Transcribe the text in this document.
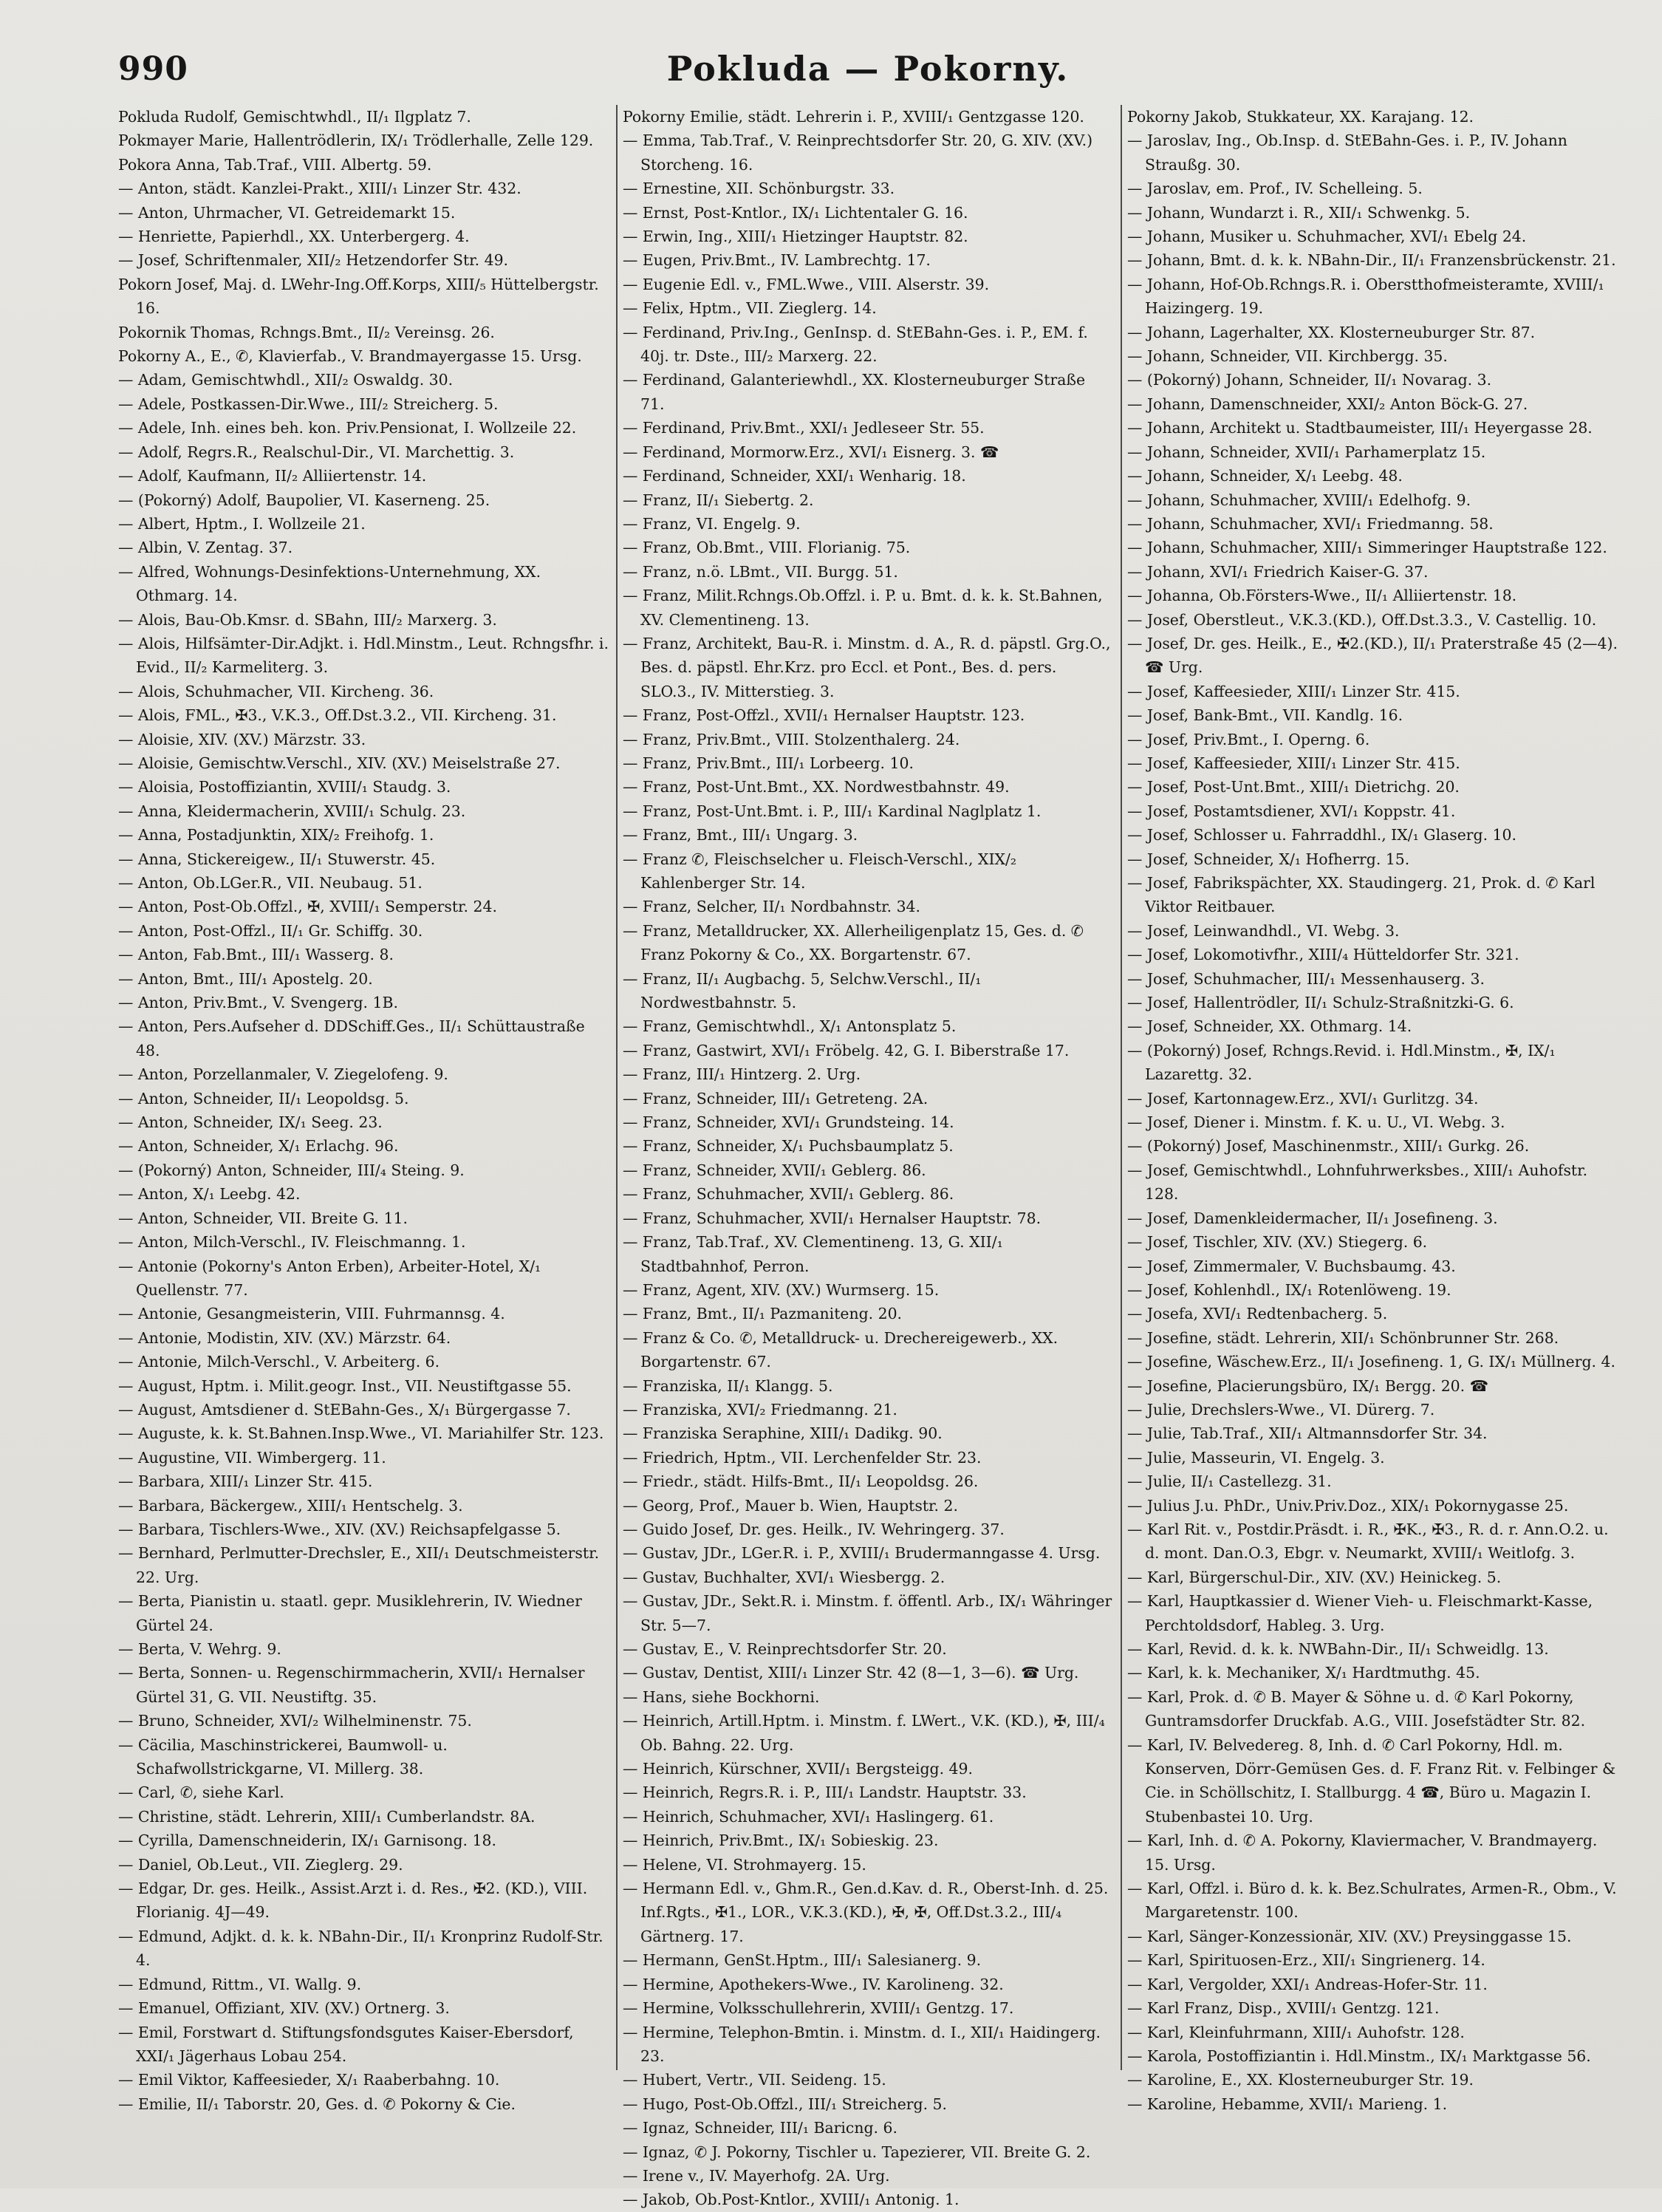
990	Pokluda — Pokorny.
Pokluda Rudolf, Gemischtwhdl., II/₁ Ilgplatz 7.
Pokmayer Marie, Hallentrödlerin, IX/₁ Trödlerhalle, Zelle 129.
Pokora Anna, Tab.Traf., VIII. Albertg. 59.
— Anton, städt. Kanzlei-Prakt., XIII/₁ Linzer Str. 432.
— Anton, Uhrmacher, VI. Getreidemarkt 15.
— Henriette, Papierhdl., XX. Unterbergerg. 4.
— Josef, Schriftenmaler, XII/₂ Hetzendorfer Str. 49.
Pokorn Josef, Maj. d. LWehr-Ing.Off.Korps, XIII/₅ Hüttelbergstr. 16.
Pokornik Thomas, Rchngs.Bmt., II/₂ Vereinsg. 26.
Pokorny A., E., ✆, Klavierfab., V. Brandmayergasse 15. Ursg.
— Adam, Gemischtwhdl., XII/₂ Oswaldg. 30.
— Adele, Postkassen-Dir.Wwe., III/₂ Streicherg. 5.
— Adele, Inh. eines beh. kon. Priv.Pensionat, I. Wollzeile 22.
— Adolf, Regrs.R., Realschul-Dir., VI. Marchettig. 3.
— Adolf, Kaufmann, II/₂ Alliiertenstr. 14.
— (Pokorný) Adolf, Baupolier, VI. Kaserneng. 25.
— Albert, Hptm., I. Wollzeile 21.
— Albin, V. Zentag. 37.
— Alfred, Wohnungs-Desinfektions-Unternehmung, XX. Othmarg. 14.
— Alois, Bau-Ob.Kmsr. d. SBahn, III/₂ Marxerg. 3.
— Alois, Hilfsämter-Dir.Adjkt. i. Hdl.Minstm., Leut. Rchngsfhr. i. Evid., II/₂ Karmeliterg. 3.
— Alois, Schuhmacher, VII. Kircheng. 36.
— Alois, FML., ✠3., V.K.3., Off.Dst.3.2., VII. Kircheng. 31.
— Aloisie, XIV. (XV.) Märzstr. 33.
— Aloisie, Gemischtw.Verschl., XIV. (XV.) Meiselstraße 27.
— Aloisia, Postoffiziantin, XVIII/₁ Staudg. 3.
— Anna, Kleidermacherin, XVIII/₁ Schulg. 23.
— Anna, Postadjunktin, XIX/₂ Freihofg. 1.
— Anna, Stickereigew., II/₁ Stuwerstr. 45.
— Anton, Ob.LGer.R., VII. Neubaug. 51.
— Anton, Post-Ob.Offzl., ✠, XVIII/₁ Semperstr. 24.
— Anton, Post-Offzl., II/₁ Gr. Schiffg. 30.
— Anton, Fab.Bmt., III/₁ Wasserg. 8.
— Anton, Bmt., III/₁ Apostelg. 20.
— Anton, Priv.Bmt., V. Svengerg. 1B.
— Anton, Pers.Aufseher d. DDSchiff.Ges., II/₁ Schüttaustraße 48.
— Anton, Porzellanmaler, V. Ziegelofeng. 9.
— Anton, Schneider, II/₁ Leopoldsg. 5.
— Anton, Schneider, IX/₁ Seeg. 23.
— Anton, Schneider, X/₁ Erlachg. 96.
— (Pokorný) Anton, Schneider, III/₄ Steing. 9.
— Anton, X/₁ Leebg. 42.
— Anton, Schneider, VII. Breite G. 11.
— Anton, Milch-Verschl., IV. Fleischmanng. 1.
— Antonie (Pokorny's Anton Erben), Arbeiter-Hotel, X/₁ Quellenstr. 77.
— Antonie, Gesangmeisterin, VIII. Fuhrmannsg. 4.
— Antonie, Modistin, XIV. (XV.) Märzstr. 64.
— Antonie, Milch-Verschl., V. Arbeiterg. 6.
— August, Hptm. i. Milit.geogr. Inst., VII. Neustiftgasse 55.
— August, Amtsdiener d. StEBahn-Ges., X/₁ Bürgergasse 7.
— Auguste, k. k. St.Bahnen.Insp.Wwe., VI. Mariahilfer Str. 123.
— Augustine, VII. Wimbergerg. 11.
— Barbara, XIII/₁ Linzer Str. 415.
— Barbara, Bäckergew., XIII/₁ Hentschelg. 3.
— Barbara, Tischlers-Wwe., XIV. (XV.) Reichsapfelgasse 5.
— Bernhard, Perlmutter-Drechsler, E., XII/₁ Deutschmeisterstr. 22. Urg.
— Berta, Pianistin u. staatl. gepr. Musiklehrerin, IV. Wiedner Gürtel 24.
— Berta, V. Wehrg. 9.
— Berta, Sonnen- u. Regenschirmmacherin, XVII/₁ Hernalser Gürtel 31, G. VII. Neustiftg. 35.
— Bruno, Schneider, XVI/₂ Wilhelminenstr. 75.
— Cäcilia, Maschinstrickerei, Baumwoll- u. Schafwollstrickgarne, VI. Millerg. 38.
— Carl, ✆, siehe Karl.
— Christine, städt. Lehrerin, XIII/₁ Cumberlandstr. 8A.
— Cyrilla, Damenschneiderin, IX/₁ Garnisong. 18.
— Daniel, Ob.Leut., VII. Zieglerg. 29.
— Edgar, Dr. ges. Heilk., Assist.Arzt i. d. Res., ✠2. (KD.), VIII. Florianig. 4J—49.
— Edmund, Adjkt. d. k. k. NBahn-Dir., II/₁ Kronprinz Rudolf-Str. 4.
— Edmund, Rittm., VI. Wallg. 9.
— Emanuel, Offiziant, XIV. (XV.) Ortnerg. 3.
— Emil, Forstwart d. Stiftungsfondsgutes Kaiser-Ebersdorf, XXI/₁ Jägerhaus Lobau 254.
— Emil Viktor, Kaffeesieder, X/₁ Raaberbahng. 10.
— Emilie, II/₁ Taborstr. 20, Ges. d. ✆ Pokorny & Cie.
Pokorny Emilie, städt. Lehrerin i. P., XVIII/₁ Gentzgasse 120.
— Emma, Tab.Traf., V. Reinprechtsdorfer Str. 20, G. XIV. (XV.) Storcheng. 16.
— Ernestine, XII. Schönburgstr. 33.
— Ernst, Post-Kntlor., IX/₁ Lichtentaler G. 16.
— Erwin, Ing., XIII/₁ Hietzinger Hauptstr. 82.
— Eugen, Priv.Bmt., IV. Lambrechtg. 17.
— Eugenie Edl. v., FML.Wwe., VIII. Alserstr. 39.
— Felix, Hptm., VII. Zieglerg. 14.
— Ferdinand, Priv.Ing., GenInsp. d. StEBahn-Ges. i. P., EM. f. 40j. tr. Dste., III/₂ Marxerg. 22.
— Ferdinand, Galanteriewhdl., XX. Klosterneuburger Straße 71.
— Ferdinand, Priv.Bmt., XXI/₁ Jedleseer Str. 55.
— Ferdinand, Mormorw.Erz., XVI/₁ Eisnerg. 3. ☎
— Ferdinand, Schneider, XXI/₁ Wenharig. 18.
— Franz, II/₁ Siebertg. 2.
— Franz, VI. Engelg. 9.
— Franz, Ob.Bmt., VIII. Florianig. 75.
— Franz, n.ö. LBmt., VII. Burgg. 51.
— Franz, Milit.Rchngs.Ob.Offzl. i. P. u. Bmt. d. k. k. St.Bahnen, XV. Clementineng. 13.
— Franz, Architekt, Bau-R. i. Minstm. d. A., R. d. päpstl. Grg.O., Bes. d. päpstl. Ehr.Krz. pro Eccl. et Pont., Bes. d. pers. SLO.3., IV. Mitterstieg. 3.
— Franz, Post-Offzl., XVII/₁ Hernalser Hauptstr. 123.
— Franz, Priv.Bmt., VIII. Stolzenthalerg. 24.
— Franz, Priv.Bmt., III/₁ Lorbeerg. 10.
— Franz, Post-Unt.Bmt., XX. Nordwestbahnstr. 49.
— Franz, Post-Unt.Bmt. i. P., III/₁ Kardinal Naglplatz 1.
— Franz, Bmt., III/₁ Ungarg. 3.
— Franz ✆, Fleischselcher u. Fleisch-Verschl., XIX/₂ Kahlenberger Str. 14.
— Franz, Selcher, II/₁ Nordbahnstr. 34.
— Franz, Metalldrucker, XX. Allerheiligenplatz 15, Ges. d. ✆ Franz Pokorny & Co., XX. Borgartenstr. 67.
— Franz, II/₁ Augbachg. 5, Selchw.Verschl., II/₁ Nordwestbahnstr. 5.
— Franz, Gemischtwhdl., X/₁ Antonsplatz 5.
— Franz, Gastwirt, XVI/₁ Fröbelg. 42, G. I. Biberstraße 17.
— Franz, III/₁ Hintzerg. 2. Urg.
— Franz, Schneider, III/₁ Getreteng. 2A.
— Franz, Schneider, XVI/₁ Grundsteing. 14.
— Franz, Schneider, X/₁ Puchsbaumplatz 5.
— Franz, Schneider, XVII/₁ Geblerg. 86.
— Franz, Schuhmacher, XVII/₁ Geblerg. 86.
— Franz, Schuhmacher, XVII/₁ Hernalser Hauptstr. 78.
— Franz, Tab.Traf., XV. Clementineng. 13, G. XII/₁ Stadtbahnhof, Perron.
— Franz, Agent, XIV. (XV.) Wurmserg. 15.
— Franz, Bmt., II/₁ Pazmaniteng. 20.
— Franz & Co. ✆, Metalldruck- u. Drechereigewerb., XX. Borgartenstr. 67.
— Franziska, II/₁ Klangg. 5.
— Franziska, XVI/₂ Friedmanng. 21.
— Franziska Seraphine, XIII/₁ Dadikg. 90.
— Friedrich, Hptm., VII. Lerchenfelder Str. 23.
— Friedr., städt. Hilfs-Bmt., II/₁ Leopoldsg. 26.
— Georg, Prof., Mauer b. Wien, Hauptstr. 2.
— Guido Josef, Dr. ges. Heilk., IV. Wehringerg. 37.
— Gustav, JDr., LGer.R. i. P., XVIII/₁ Brudermanngasse 4. Ursg.
— Gustav, Buchhalter, XVI/₁ Wiesbergg. 2.
— Gustav, JDr., Sekt.R. i. Minstm. f. öffentl. Arb., IX/₁ Währinger Str. 5—7.
— Gustav, E., V. Reinprechtsdorfer Str. 20.
— Gustav, Dentist, XIII/₁ Linzer Str. 42 (8—1, 3—6). ☎ Urg.
— Hans, siehe Bockhorni.
— Heinrich, Artill.Hptm. i. Minstm. f. LWert., V.K. (KD.), ✠, III/₄ Ob. Bahng. 22. Urg.
— Heinrich, Kürschner, XVII/₁ Bergsteigg. 49.
— Heinrich, Regrs.R. i. P., III/₁ Landstr. Hauptstr. 33.
— Heinrich, Schuhmacher, XVI/₁ Haslingerg. 61.
— Heinrich, Priv.Bmt., IX/₁ Sobieskig. 23.
— Helene, VI. Strohmayerg. 15.
— Hermann Edl. v., Ghm.R., Gen.d.Kav. d. R., Oberst-Inh. d. 25. Inf.Rgts., ✠1., LOR., V.K.3.(KD.), ✠, ✠, Off.Dst.3.2., III/₄ Gärtnerg. 17.
— Hermann, GenSt.Hptm., III/₁ Salesianerg. 9.
— Hermine, Apothekers-Wwe., IV. Karolineng. 32.
— Hermine, Volksschullehrerin, XVIII/₁ Gentzg. 17.
— Hermine, Telephon-Bmtin. i. Minstm. d. I., XII/₁ Haidingerg. 23.
— Hubert, Vertr., VII. Seideng. 15.
— Hugo, Post-Ob.Offzl., III/₁ Streicherg. 5.
— Ignaz, Schneider, III/₁ Baricng. 6.
— Ignaz, ✆ J. Pokorny, Tischler u. Tapezierer, VII. Breite G. 2.
— Irene v., IV. Mayerhofg. 2A. Urg.
— Jakob, Ob.Post-Kntlor., XVIII/₁ Antonig. 1.
Pokorny Jakob, Stukkateur, XX. Karajang. 12.
— Jaroslav, Ing., Ob.Insp. d. StEBahn-Ges. i. P., IV. Johann Straußg. 30.
— Jaroslav, em. Prof., IV. Schelleing. 5.
— Johann, Wundarzt i. R., XII/₁ Schwenkg. 5.
— Johann, Musiker u. Schuhmacher, XVI/₁ Ebelg 24.
— Johann, Bmt. d. k. k. NBahn-Dir., II/₁ Franzensbrückenstr. 21.
— Johann, Hof-Ob.Rchngs.R. i. Oberstthofmeisteramte, XVIII/₁ Haizingerg. 19.
— Johann, Lagerhalter, XX. Klosterneuburger Str. 87.
— Johann, Schneider, VII. Kirchbergg. 35.
— (Pokorný) Johann, Schneider, II/₁ Novarag. 3.
— Johann, Damenschneider, XXI/₂ Anton Böck-G. 27.
— Johann, Architekt u. Stadtbaumeister, III/₁ Heyergasse 28.
— Johann, Schneider, XVII/₁ Parhamerplatz 15.
— Johann, Schneider, X/₁ Leebg. 48.
— Johann, Schuhmacher, XVIII/₁ Edelhofg. 9.
— Johann, Schuhmacher, XVI/₁ Friedmanng. 58.
— Johann, Schuhmacher, XIII/₁ Simmeringer Hauptstraße 122.
— Johann, XVI/₁ Friedrich Kaiser-G. 37.
— Johanna, Ob.Försters-Wwe., II/₁ Alliiertenstr. 18.
— Josef, Oberstleut., V.K.3.(KD.), Off.Dst.3.3., V. Castellig. 10.
— Josef, Dr. ges. Heilk., E., ✠2.(KD.), II/₁ Praterstraße 45 (2—4). ☎ Urg.
— Josef, Kaffeesieder, XIII/₁ Linzer Str. 415.
— Josef, Bank-Bmt., VII. Kandlg. 16.
— Josef, Priv.Bmt., I. Operng. 6.
— Josef, Kaffeesieder, XIII/₁ Linzer Str. 415.
— Josef, Post-Unt.Bmt., XIII/₁ Dietrichg. 20.
— Josef, Postamtsdiener, XVI/₁ Koppstr. 41.
— Josef, Schlosser u. Fahrraddhl., IX/₁ Glaserg. 10.
— Josef, Schneider, X/₁ Hofherrg. 15.
— Josef, Fabrikspächter, XX. Staudingerg. 21, Prok. d. ✆ Karl Viktor Reitbauer.
— Josef, Leinwandhdl., VI. Webg. 3.
— Josef, Lokomotivfhr., XIII/₄ Hütteldorfer Str. 321.
— Josef, Schuhmacher, III/₁ Messenhauserg. 3.
— Josef, Hallentrödler, II/₁ Schulz-Straßnitzki-G. 6.
— Josef, Schneider, XX. Othmarg. 14.
— (Pokorný) Josef, Rchngs.Revid. i. Hdl.Minstm., ✠, IX/₁ Lazarettg. 32.
— Josef, Kartonnagew.Erz., XVI/₁ Gurlitzg. 34.
— Josef, Diener i. Minstm. f. K. u. U., VI. Webg. 3.
— (Pokorný) Josef, Maschinenmstr., XIII/₁ Gurkg. 26.
— Josef, Gemischtwhdl., Lohnfuhrwerksbes., XIII/₁ Auhofstr. 128.
— Josef, Damenkleidermacher, II/₁ Josefineng. 3.
— Josef, Tischler, XIV. (XV.) Stiegerg. 6.
— Josef, Zimmermaler, V. Buchsbaumg. 43.
— Josef, Kohlenhdl., IX/₁ Rotenlöweng. 19.
— Josefa, XVI/₁ Redtenbacherg. 5.
— Josefine, städt. Lehrerin, XII/₁ Schönbrunner Str. 268.
— Josefine, Wäschew.Erz., II/₁ Josefineng. 1, G. IX/₁ Müllnerg. 4.
— Josefine, Placierungsbüro, IX/₁ Bergg. 20. ☎
— Julie, Drechslers-Wwe., VI. Dürerg. 7.
— Julie, Tab.Traf., XII/₁ Altmannsdorfer Str. 34.
— Julie, Masseurin, VI. Engelg. 3.
— Julie, II/₁ Castellezg. 31.
— Julius J.u. PhDr., Univ.Priv.Doz., XIX/₁ Pokornygasse 25.
— Karl Rit. v., Postdir.Präsdt. i. R., ✠K., ✠3., R. d. r. Ann.O.2. u. d. mont. Dan.O.3, Ebgr. v. Neumarkt, XVIII/₁ Weitlofg. 3.
— Karl, Bürgerschul-Dir., XIV. (XV.) Heinickeg. 5.
— Karl, Hauptkassier d. Wiener Vieh- u. Fleischmarkt-Kasse, Perchtoldsdorf, Hableg. 3. Urg.
— Karl, Revid. d. k. k. NWBahn-Dir., II/₁ Schweidlg. 13.
— Karl, k. k. Mechaniker, X/₁ Hardtmuthg. 45.
— Karl, Prok. d. ✆ B. Mayer & Söhne u. d. ✆ Karl Pokorny, Guntramsdorfer Druckfab. A.G., VIII. Josefstädter Str. 82.
— Karl, IV. Belvedereg. 8, Inh. d. ✆ Carl Pokorny, Hdl. m. Konserven, Dörr-Gemüsen Ges. d. F. Franz Rit. v. Felbinger & Cie. in Schöllschitz, I. Stallburgg. 4 ☎, Büro u. Magazin I. Stubenbastei 10. Urg.
— Karl, Inh. d. ✆ A. Pokorny, Klaviermacher, V. Brandmayerg. 15. Ursg.
— Karl, Offzl. i. Büro d. k. k. Bez.Schulrates, Armen-R., Obm., V. Margaretenstr. 100.
— Karl, Sänger-Konzessionär, XIV. (XV.) Preysinggasse 15.
— Karl, Spirituosen-Erz., XII/₁ Singrienerg. 14.
— Karl, Vergolder, XXI/₁ Andreas-Hofer-Str. 11.
— Karl Franz, Disp., XVIII/₁ Gentzg. 121.
— Karl, Kleinfuhrmann, XIII/₁ Auhofstr. 128.
— Karola, Postoffiziantin i. Hdl.Minstm., IX/₁ Marktgasse 56.
— Karoline, E., XX. Klosterneuburger Str. 19.
— Karoline, Hebamme, XVII/₁ Marieng. 1.
